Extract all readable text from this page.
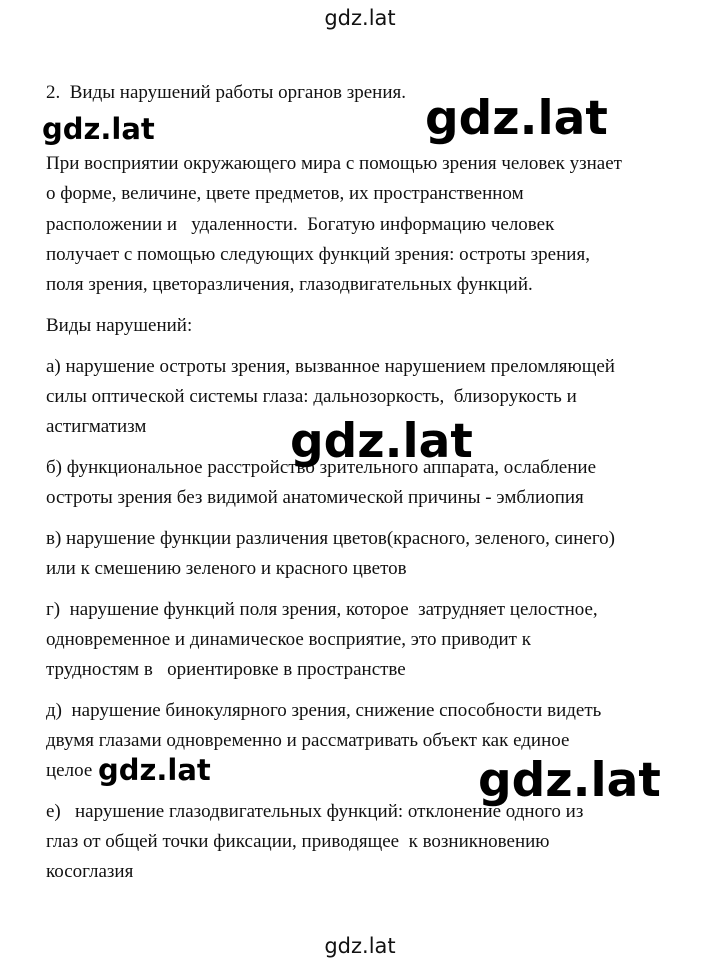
gdz.lat
2.  Виды нарушений работы органов зрения.
При восприятии окружающего мира с помощью зрения человек узнает
о форме, величине, цвете предметов, их пространственном
расположении и   удаленности.  Богатую информацию человек
получает с помощью следующих функций зрения: остроты зрения,
поля зрения, цветоразличения, глазодвигательных функций.
Виды нарушений:
а) нарушение остроты зрения, вызванное нарушением преломляющей
силы оптической системы глаза: дальнозоркость,  близорукость и
астигматизм
б) функциональное расстройство зрительного аппарата, ослабление
остроты зрения без видимой анатомической причины - эмблиопия
в) нарушение функции различения цветов(красного, зеленого, синего)
или к смешению зеленого и красного цветов
г)  нарушение функций поля зрения, которое  затрудняет целостное,
одновременное и динамическое восприятие, это приводит к
трудностям в   ориентировке в пространстве
д)  нарушение бинокулярного зрения, снижение способности видеть
двумя глазами одновременно и рассматривать объект как единое
целое
е)   нарушение глазодвигательных функций: отклонение одного из
глаз от общей точки фиксации, приводящее  к возникновению
косоглазия
gdz.lat	gdz.lat
gdz.lat
gdz.lat	gdz.lat
gdz.lat
